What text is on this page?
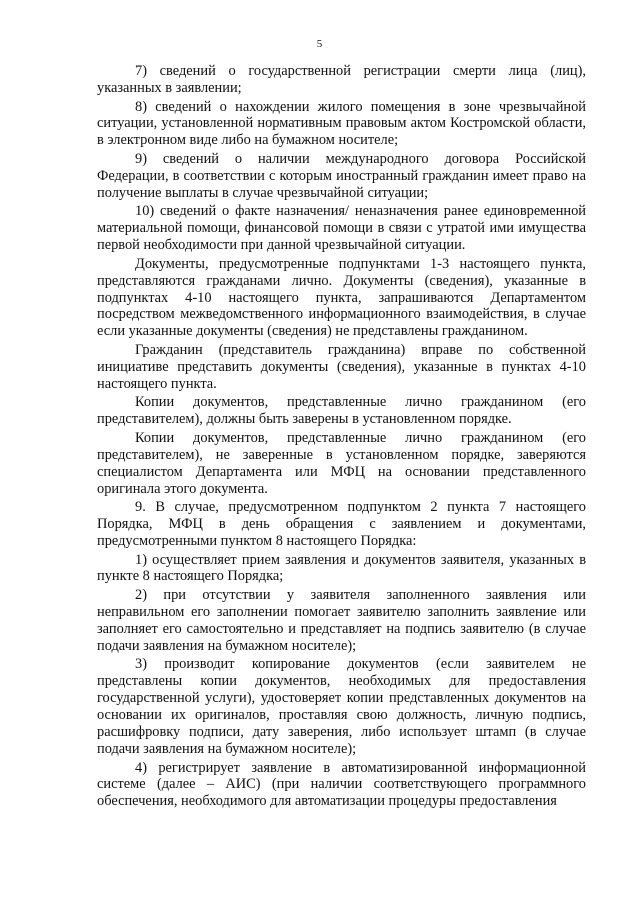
5

7) сведений о государственной регистрации смерти лица (лиц), указанных в заявлении;

8) сведений о нахождении жилого помещения в зоне чрезвычайной ситуации, установленной нормативным правовым актом Костромской области, в электронном виде либо на бумажном носителе;

9) сведений о наличии международного договора Российской Федерации, в соответствии с которым иностранный гражданин имеет право на получение выплаты в случае чрезвычайной ситуации;

10) сведений о факте назначения/ неназначения ранее единовременной материальной помощи, финансовой помощи в связи с утратой ими имущества первой необходимости при данной чрезвычайной ситуации.

Документы, предусмотренные подпунктами 1-3 настоящего пункта, представляются гражданами лично. Документы (сведения), указанные в подпунктах 4-10 настоящего пункта, запрашиваются Департаментом посредством межведомственного информационного взаимодействия, в случае если указанные документы (сведения) не представлены гражданином.

Гражданин (представитель гражданина) вправе по собственной инициативе представить документы (сведения), указанные в пунктах 4-10 настоящего пункта.

Копии документов, представленные лично гражданином (его представителем), должны быть заверены в установленном порядке.

Копии документов, представленные лично гражданином (его представителем), не заверенные в установленном порядке, заверяются специалистом Департамента или МФЦ на основании представленного оригинала этого документа.

9. В случае, предусмотренном подпунктом 2 пункта 7 настоящего Порядка, МФЦ в день обращения с заявлением и документами, предусмотренными пунктом 8 настоящего Порядка:

1) осуществляет прием заявления и документов заявителя, указанных в пункте 8 настоящего Порядка;

2) при отсутствии у заявителя заполненного заявления или неправильном его заполнении помогает заявителю заполнить заявление или заполняет его самостоятельно и представляет на подпись заявителю (в случае подачи заявления на бумажном носителе);

3) производит копирование документов (если заявителем не представлены копии документов, необходимых для предоставления государственной услуги), удостоверяет копии представленных документов на основании их оригиналов, проставляя свою должность, личную подпись, расшифровку подписи, дату заверения, либо использует штамп (в случае подачи заявления на бумажном носителе);

4) регистрирует заявление в автоматизированной информационной системе (далее – АИС) (при наличии соответствующего программного обеспечения, необходимого для автоматизации процедуры предоставления
